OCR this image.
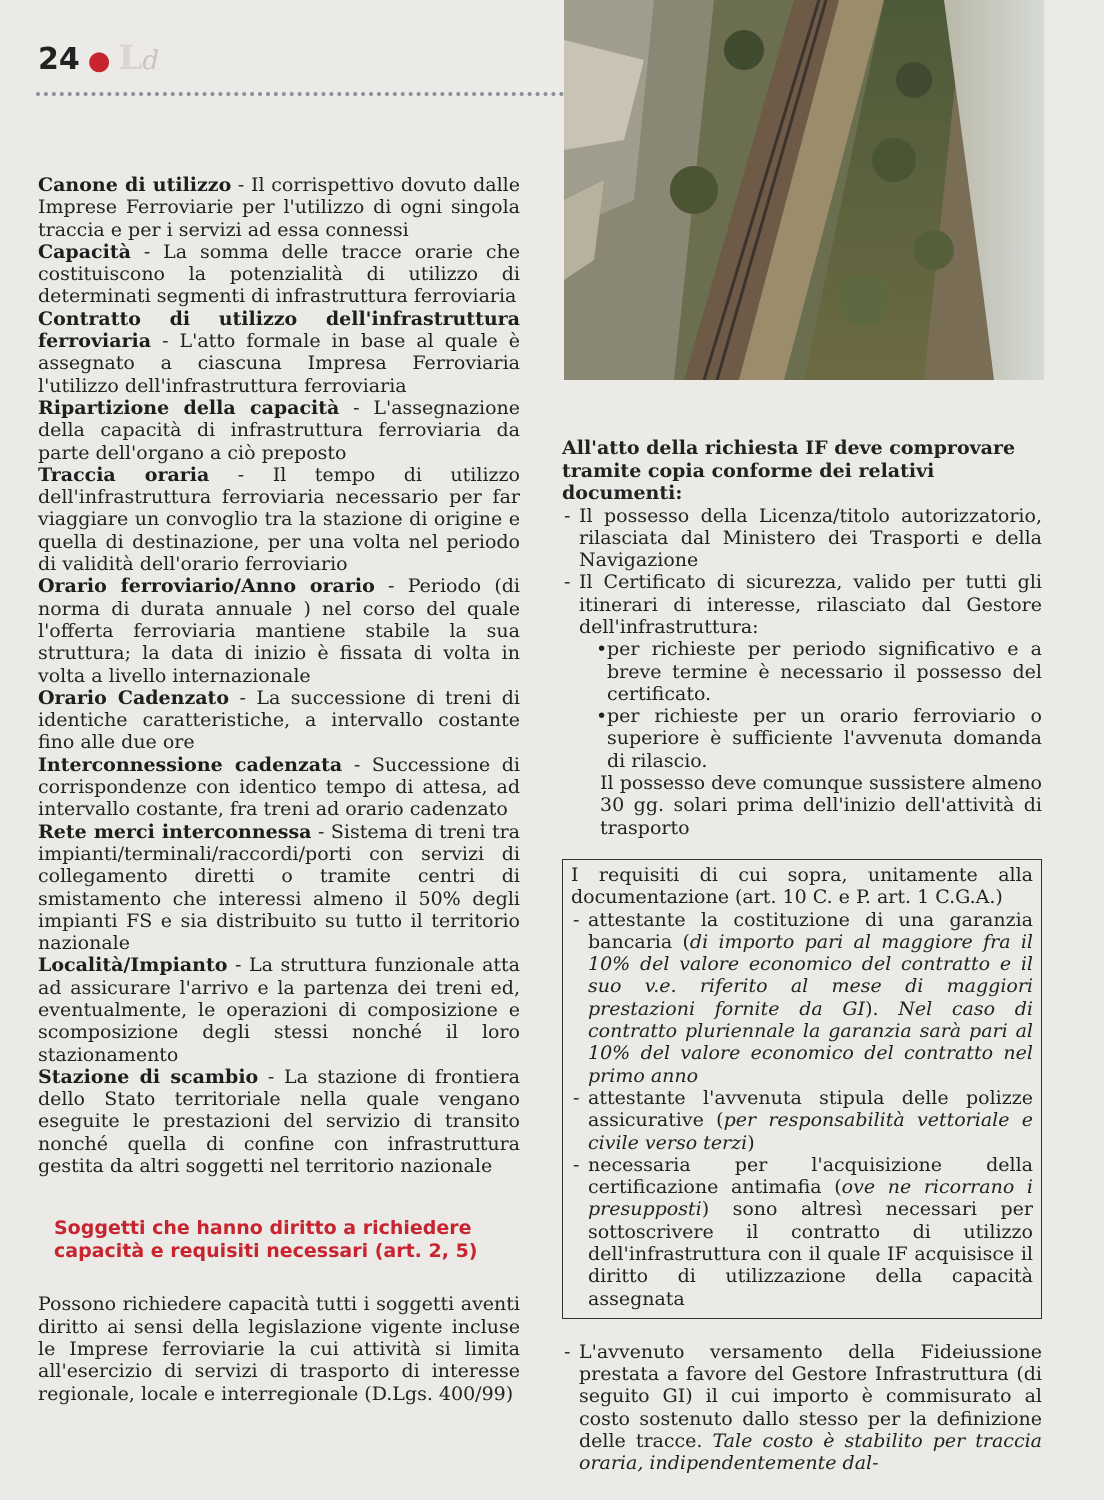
24 ● Ld

Canone di utilizzo - Il corrispettivo dovuto dalle Imprese Ferroviarie per l'utilizzo di ogni singola traccia e per i servizi ad essa connessi

Capacità - La somma delle tracce orarie che costituiscono la potenzialità di utilizzo di determinati segmenti di infrastruttura ferroviaria

Contratto di utilizzo dell'infrastruttura ferroviaria - L'atto formale in base al quale è assegnato a ciascuna Impresa Ferroviaria l'utilizzo dell'infrastruttura ferroviaria

Ripartizione della capacità - L'assegnazione della capacità di infrastruttura ferroviaria da parte dell'organo a ciò preposto

Traccia oraria - Il tempo di utilizzo dell'infrastruttura ferroviaria necessario per far viaggiare un convoglio tra la stazione di origine e quella di destinazione, per una volta nel periodo di validità dell'orario ferroviario

Orario ferroviario/Anno orario - Periodo (di norma di durata annuale ) nel corso del quale l'offerta ferroviaria mantiene stabile la sua struttura; la data di inizio è fissata di volta in volta a livello internazionale

Orario Cadenzato - La successione di treni di identiche caratteristiche, a intervallo costante fino alle due ore

Interconnessione cadenzata - Successione di corrispondenze con identico tempo di attesa, ad intervallo costante, fra treni ad orario cadenzato

Rete merci interconnessa - Sistema di treni tra impianti/terminali/raccordi/porti con servizi di collegamento diretti o tramite centri di smistamento che interessi almeno il 50% degli impianti FS e sia distribuito su tutto il territorio nazionale

Località/Impianto - La struttura funzionale atta ad assicurare l'arrivo e la partenza dei treni ed, eventualmente, le operazioni di composizione e scomposizione degli stessi nonché il loro stazionamento

Stazione di scambio - La stazione di frontiera dello Stato territoriale nella quale vengano eseguite le prestazioni del servizio di transito nonché quella di confine con infrastruttura gestita da altri soggetti nel territorio nazionale

Soggetti che hanno diritto a richiedere
capacità e requisiti necessari (art. 2, 5)

Possono richiedere capacità tutti i soggetti aventi diritto ai sensi della legislazione vigente incluse le Imprese ferroviarie la cui attività si limita all'esercizio di servizi di trasporto di interesse regionale, locale e interregionale (D.Lgs. 400/99)

All'atto della richiesta IF deve comprovare tramite copia conforme dei relativi documenti:

- Il possesso della Licenza/titolo autorizzatorio, rilasciata dal Ministero dei Trasporti e della Navigazione

- Il Certificato di sicurezza, valido per tutti gli itinerari di interesse, rilasciato dal Gestore dell'infrastruttura:

• per richieste per periodo significativo e a breve termine è necessario il possesso del certificato.

• per richieste per un orario ferroviario o superiore è sufficiente l'avvenuta domanda di rilascio.

Il possesso deve comunque sussistere almeno 30 gg. solari prima dell'inizio dell'attività di trasporto

I requisiti di cui sopra, unitamente alla documentazione (art. 10 C. e P. art. 1 C.G.A.)

- attestante la costituzione di una garanzia bancaria (di importo pari al maggiore fra il 10% del valore economico del contratto e il suo v.e. riferito al mese di maggiori prestazioni fornite da GI). Nel caso di contratto pluriennale la garanzia sarà pari al 10% del valore economico del contratto nel primo anno

- attestante l'avvenuta stipula delle polizze assicurative (per responsabilità vettoriale e civile verso terzi)

- necessaria per l'acquisizione della certificazione antimafia (ove ne ricorrano i presupposti) sono altresì necessari per sottoscrivere il contratto di utilizzo dell'infrastruttura con il quale IF acquisisce il diritto di utilizzazione della capacità assegnata

- L'avvenuto versamento della Fideiussione prestata a favore del Gestore Infrastruttura (di seguito GI) il cui importo è commisurato al costo sostenuto dallo stesso per la definizione delle tracce. Tale costo è stabilito per traccia oraria, indipendentemente dal-
